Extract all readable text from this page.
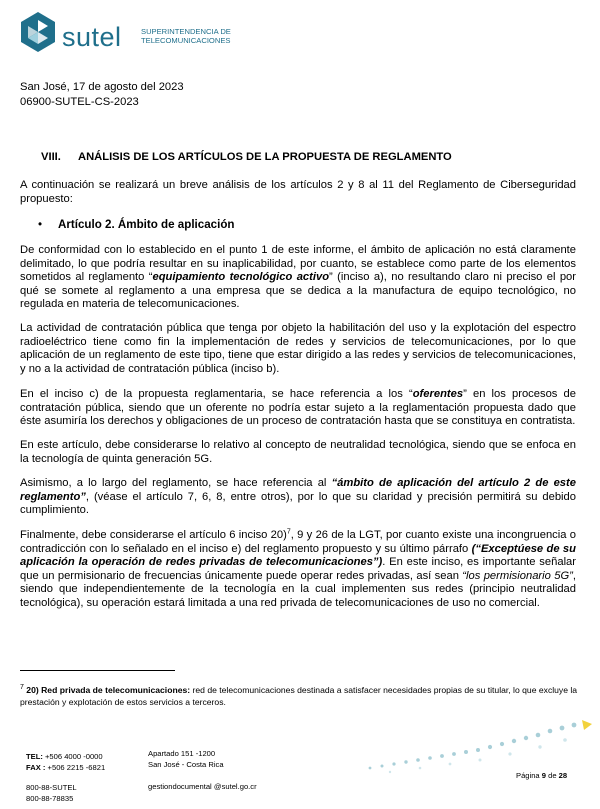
sutel	SUPERINTENDENCIA DE
TELECOMUNICACIONES
San José, 17 de agosto del 2023
06900-SUTEL-CS-2023
VIII. ANÁLISIS DE LOS ARTÍCULOS DE LA PROPUESTA DE REGLAMENTO
A continuación se realizará un breve análisis de los artículos 2 y 8 al 11 del Reglamento de Ciberseguridad propuesto:
• Artículo 2. Ámbito de aplicación
De conformidad con lo establecido en el punto 1 de este informe, el ámbito de aplicación no está claramente delimitado, lo que podría resultar en su inaplicabilidad, por cuanto, se establece como parte de los elementos sometidos al reglamento “equipamiento tecnológico activo” (inciso a), no resultando claro ni preciso el por qué se somete al reglamento a una empresa que se dedica a la manufactura de equipo tecnológico, no regulada en materia de telecomunicaciones.
La actividad de contratación pública que tenga por objeto la habilitación del uso y la explotación del espectro radioeléctrico tiene como fin la implementación de redes y servicios de telecomunicaciones, por lo que aplicación de un reglamento de este tipo, tiene que estar dirigido a las redes y servicios de telecomunicaciones, y no a la actividad de contratación pública (inciso b).
En el inciso c) de la propuesta reglamentaria, se hace referencia a los “oferentes” en los procesos de contratación pública, siendo que un oferente no podría estar sujeto a la reglamentación propuesta dado que éste asumiría los derechos y obligaciones de un proceso de contratación hasta que se constituya en contratista.
En este artículo, debe considerarse lo relativo al concepto de neutralidad tecnológica, siendo que se enfoca en la tecnología de quinta generación 5G.
Asimismo, a lo largo del reglamento, se hace referencia al “ámbito de aplicación del artículo 2 de este reglamento”, (véase el artículo 7, 6, 8, entre otros), por lo que su claridad y precisión permitirá su debido cumplimiento.
Finalmente, debe considerarse el artículo 6 inciso 20)$^7$, 9 y 26 de la LGT, por cuanto existe una incongruencia o contradicción con lo señalado en el inciso e) del reglamento propuesto y su último párrafo (“Exceptúese de su aplicación la operación de redes privadas de telecomunicaciones”). En este inciso, es importante señalar que un permisionario de frecuencias únicamente puede operar redes privadas, así sean “los permisionario 5G”, siendo que independientemente de la tecnología en la cual implementen sus redes (principio neutralidad tecnológica), su operación estará limitada a una red privada de telecomunicaciones de uso no comercial.
$^7$ 20) Red privada de telecomunicaciones: red de telecomunicaciones destinada a satisfacer necesidades propias de su titular, lo que excluye la prestación y explotación de estos servicios a terceros.
TEL: +506 4000 -0000
FAX : +506 2215 -6821
Apartado 151 -1200
San José - Costa Rica
800-88-SUTEL
800-88-78835
gestiondocumental @sutel.go.cr
Página 9 de 28
